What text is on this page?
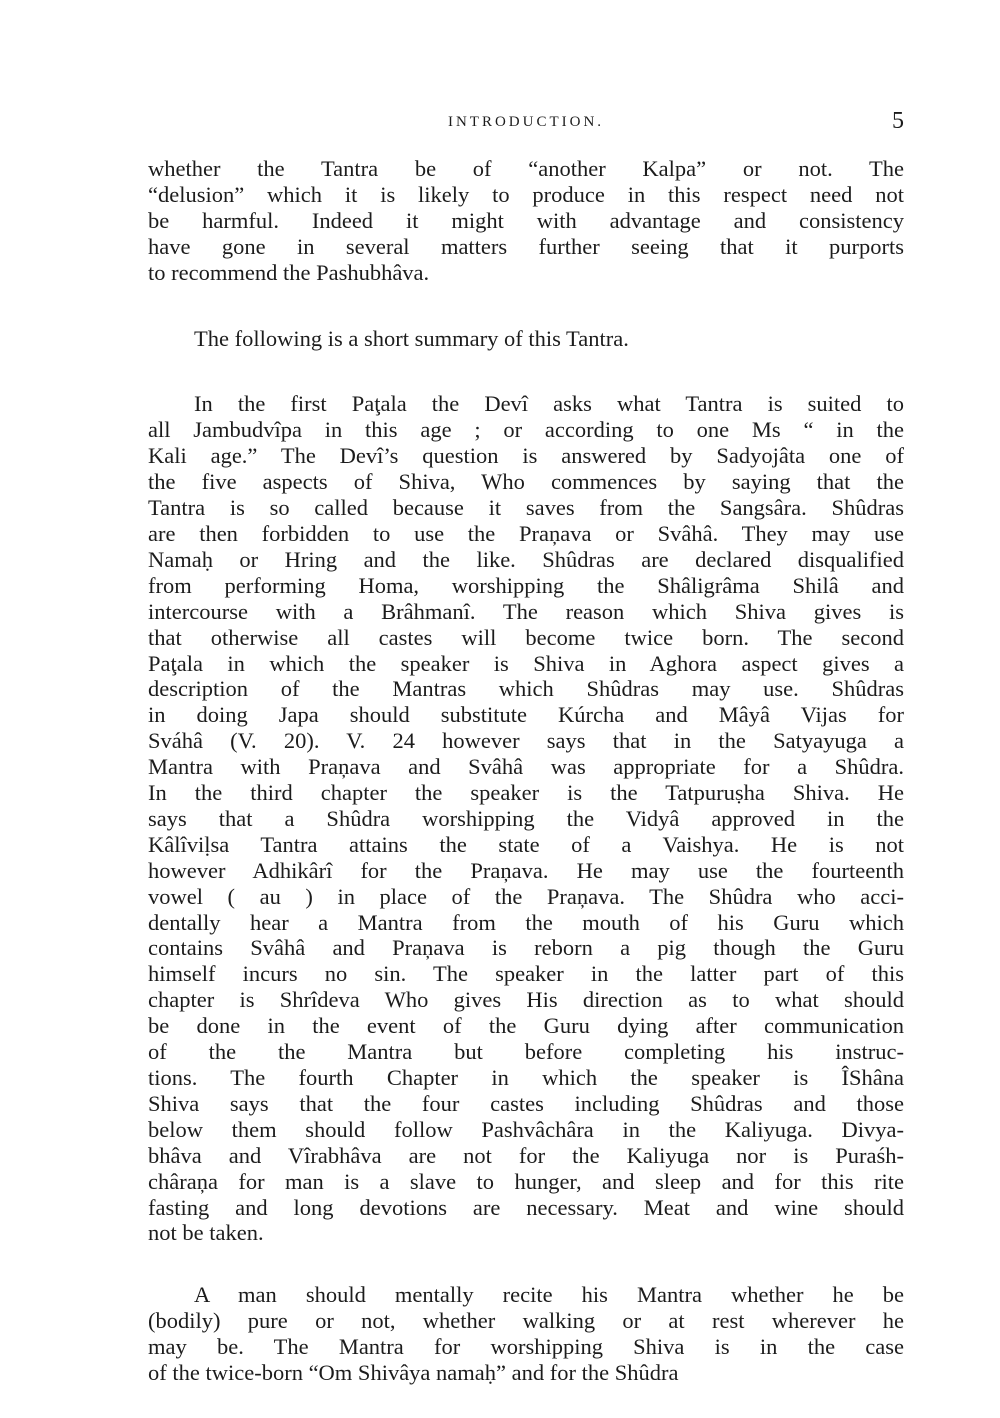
INTRODUCTION.	5
whether the Tantra be of “another Kalpa” or not. The
“delusion” which it is likely to produce in this respect need not
be harmful. Indeed it might with advantage and consistency
have gone in several matters further seeing that it purports
to recommend the Pashubhâva.
The following is a short summary of this Tantra.
In the first Paţala the Devî asks what Tantra is suited to
all Jambudvîpa in this age ; or according to one Ms “ in the
Kali age.” The Devî’s question is answered by Sadyojâta one of
the five aspects of Shiva, Who commences by saying that the
Tantra is so called because it saves from the Sangsâra. Shûdras
are then forbidden to use the Praņava or Svâhâ. They may use
Namaḥ or Hring and the like. Shûdras are declared disqualified
from performing Homa, worshipping the Shâligrâma Shilâ and
intercourse with a Brâhmanî. The reason which Shiva gives is
that otherwise all castes will become twice born. The second
Paţala in which the speaker is Shiva in Aghora aspect gives a
description of the Mantras which Shûdras may use. Shûdras
in doing Japa should substitute Kúrcha and Mâyâ Vijas for
Sváhâ (V. 20). V. 24 however says that in the Satyayuga a
Mantra with Praņava and Svâhâ was appropriate for a Shûdra.
In the third chapter the speaker is the Tatpuruṣha Shiva. He
says that a Shûdra worshipping the Vidyâ approved in the
Kâlîviḷsa Tantra attains the state of a Vaishya. He is not
however Adhikârî for the Praņava. He may use the fourteenth
vowel ( au ) in place of the Praņava. The Shûdra who acci-
dentally hear a Mantra from the mouth of his Guru which
contains Svâhâ and Praņava is reborn a pig though the Guru
himself incurs no sin. The speaker in the latter part of this
chapter is Shrîdeva Who gives His direction as to what should
be done in the event of the Guru dying after communication
of the the Mantra but before completing his instruc-
tions. The fourth Chapter in which the speaker is ÎShâna
Shiva says that the four castes including Shûdras and those
below them should follow Pashvâchâra in the Kaliyuga. Divya-
bhâva and Vîrabhâva are not for the Kaliyuga nor is Puraśh-
châraņa for man is a slave to hunger, and sleep and for this rite
fasting and long devotions are necessary. Meat and wine should
not be taken.
A man should mentally recite his Mantra whether he be
(bodily) pure or not, whether walking or at rest wherever he
may be. The Mantra for worshipping Shiva is in the case
of the twice-born “Om Shivâya namaḥ” and for the Shûdra
